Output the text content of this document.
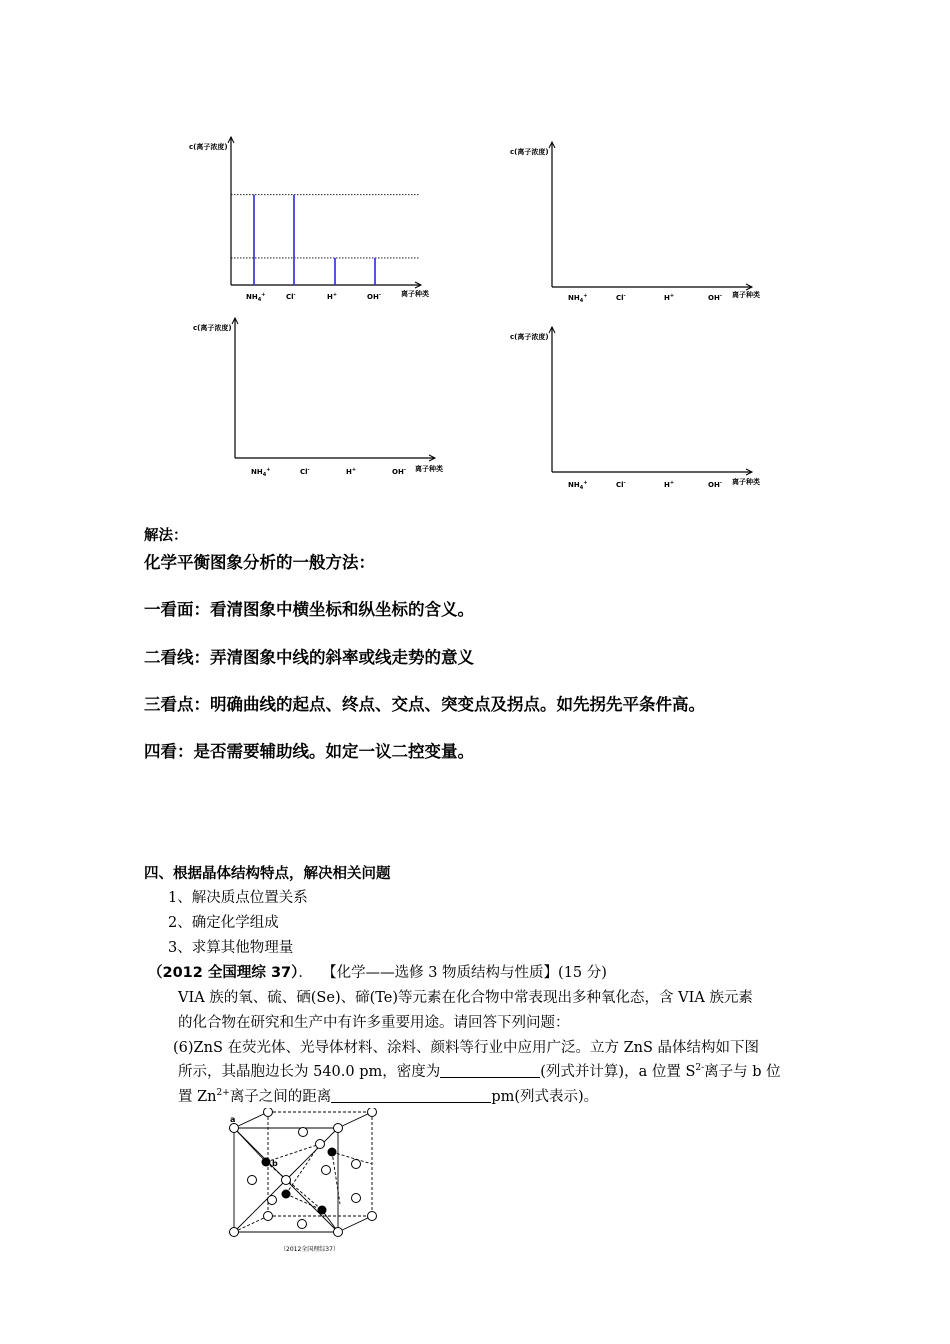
c(离子浓度)
离子种类
$NH_4^+$	Cl-	H+	OH-
c(离子浓度)
离子种类
$NH_4^+$	Cl-	H+	OH-
c(离子浓度)
离子种类
$NH_4^+$	Cl-	H+	OH-
c(离子浓度)
离子种类
$NH_4^+$	Cl-	H+	OH-
解法：
化学平衡图象分析的一般方法：
一看面：看清图象中横坐标和纵坐标的含义。
二看线：弄清图象中线的斜率或线走势的意义
三看点：明确曲线的起点、终点、交点、突变点及拐点。如先拐先平条件高。
四看：是否需要辅助线。如定一议二控变量。
四、根据晶体结构特点，解决相关问题
1、解决质点位置关系
2、确定化学组成
3、求算其他物理量
（2012 全国理综 37）． 【化学——选修 3 物质结构与性质】(15 分)
VIA 族的氧、硫、硒(Se)、碲(Te)等元素在化合物中常表现出多种氧化态，含 VIA 族元素
的化合物在研究和生产中有许多重要用途。请回答下列问题：
(6)ZnS 在荧光体、光导体材料、涂料、颜料等行业中应用广泛。立方 ZnS 晶体结构如下图
所示，其晶胞边长为 540.0 pm，密度为	(列式并计算)，a 位置 $S^{2-}$离子与 b 位
置 $Zn^{2+}$离子之间的距离	pm(列式表示)。
a
b
（2012全国理综37）
